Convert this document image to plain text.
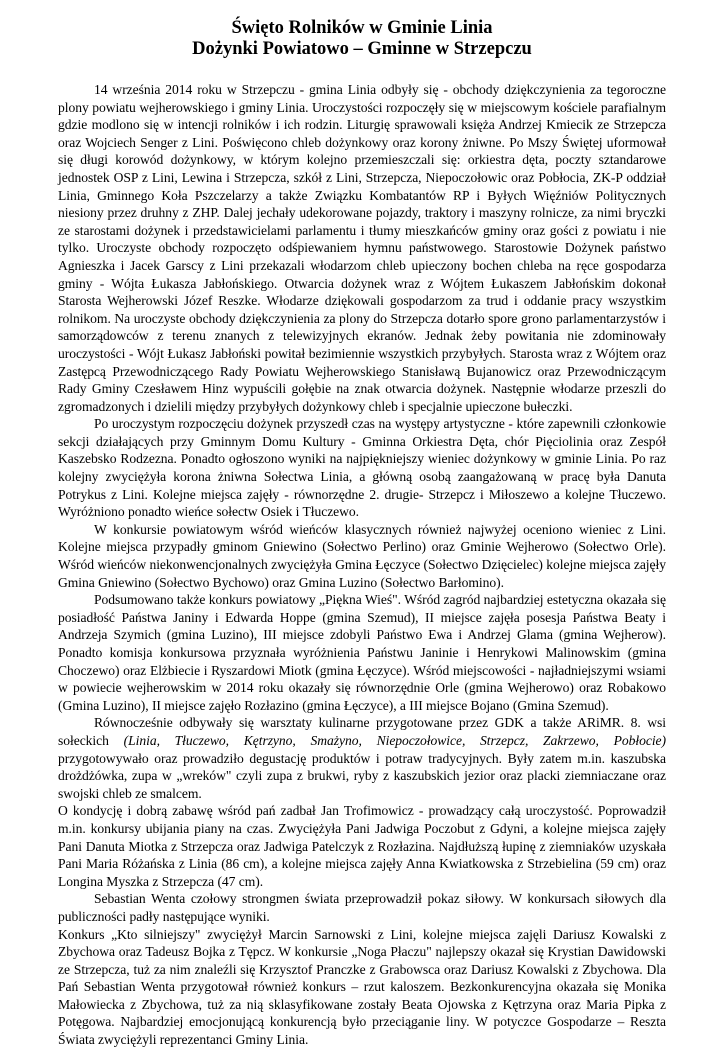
Święto Rolników w Gminie Linia
Dożynki Powiatowo – Gminne w Strzepczu

14 września 2014 roku w Strzepczu - gmina Linia odbyły się - obchody dziękczynienia za tegoroczne plony powiatu wejherowskiego i gminy Linia. Uroczystości rozpoczęły się w miejscowym kościele parafialnym gdzie modlono się w intencji rolników i ich rodzin. Liturgię sprawowali księża Andrzej Kmiecik ze Strzepcza oraz Wojciech Senger z Lini. Poświęcono chleb dożynkowy oraz korony żniwne. Po Mszy Świętej uformował się długi korowód dożynkowy, w którym kolejno przemieszczali się: orkiestra dęta, poczty sztandarowe jednostek OSP z Lini, Lewina i Strzepcza, szkół z Lini, Strzepcza, Niepoczołowic oraz Pobłocia, ZK-P oddział Linia, Gminnego Koła Pszczelarzy a także Związku Kombatantów RP i Byłych Więźniów Politycznych niesiony przez druhny z ZHP. Dalej jechały udekorowane pojazdy, traktory i maszyny rolnicze, za nimi bryczki ze starostami dożynek i przedstawicielami parlamentu i tłumy mieszkańców gminy oraz gości z powiatu i nie tylko. Uroczyste obchody rozpoczęto odśpiewaniem hymnu państwowego. Starostowie Dożynek państwo Agnieszka i Jacek Garscy z Lini przekazali włodarzom chleb upieczony bochen chleba na ręce gospodarza gminy - Wójta Łukasza Jabłońskiego. Otwarcia dożynek wraz z Wójtem Łukaszem Jabłońskim dokonał Starosta Wejherowski Józef Reszke. Włodarze dziękowali gospodarzom za trud i oddanie pracy wszystkim rolnikom. Na uroczyste obchody dziękczynienia za plony do Strzepcza dotarło spore grono parlamentarzystów i samorządowców z terenu znanych z telewizyjnych ekranów. Jednak żeby powitania nie zdominowały uroczystości - Wójt Łukasz Jabłoński powitał bezimiennie wszystkich przybyłych. Starosta wraz z Wójtem oraz Zastępcą Przewodniczącego Rady Powiatu Wejherowskiego Stanisławą Bujanowicz oraz Przewodniczącym Rady Gminy Czesławem Hinz wypuścili gołębie na znak otwarcia dożynek. Następnie włodarze przeszli do zgromadzonych i dzielili między przybyłych dożynkowy chleb i specjalnie upieczone bułeczki.

Po uroczystym rozpoczęciu dożynek przyszedł czas na występy artystyczne - które zapewnili członkowie sekcji działających przy Gminnym Domu Kultury - Gminna Orkiestra Dęta, chór Pięciolinia oraz Zespół Kaszebsko Rodzezna. Ponadto ogłoszono wyniki na najpiękniejszy wieniec dożynkowy w gminie Linia. Po raz kolejny zwyciężyła korona żniwna Sołectwa Linia, a główną osobą zaangażowaną w pracę była Danuta Potrykus z Lini. Kolejne miejsca zajęły - równorzędne 2. drugie- Strzepcz i Miłoszewo a kolejne Tłuczewo. Wyróżniono ponadto wieńce sołectw Osiek i Tłuczewo.

W konkursie powiatowym wśród wieńców klasycznych również najwyżej oceniono wieniec z Lini. Kolejne miejsca przypadły gminom Gniewino (Sołectwo Perlino) oraz Gminie Wejherowo (Sołectwo Orle). Wśród wieńców niekonwencjonalnych zwyciężyła Gmina Łęczyce (Sołectwo Dzięcielec) kolejne miejsca zajęły Gmina Gniewino (Sołectwo Bychowo) oraz Gmina Luzino (Sołectwo Barłomino).

Podsumowano także konkurs powiatowy „Piękna Wieś". Wśród zagród najbardziej estetyczna okazała się posiadłość Państwa Janiny i Edwarda Hoppe (gmina Szemud), II miejsce zajęła posesja Państwa Beaty i Andrzeja Szymich (gmina Luzino), III miejsce zdobyli Państwo Ewa i Andrzej Glama (gmina Wejherow). Ponadto komisja konkursowa przyznała wyróżnienia Państwu Janinie i Henrykowi Malinowskim (gmina Choczewo) oraz Elżbiecie i Ryszardowi Miotk (gmina Łęczyce). Wśród miejscowości - najładniejszymi wsiami w powiecie wejherowskim w 2014 roku okazały się równorzędnie Orle (gmina Wejherowo) oraz Robakowo (Gmina Luzino), II miejsce zajęło Rozłazino (gmina Łęczyce), a III miejsce Bojano (Gmina Szemud).

Równocześnie odbywały się warsztaty kulinarne przygotowane przez GDK a także ARiMR. 8. wsi sołeckich (Linia, Tłuczewo, Kętrzyno, Smażyno, Niepoczołowice, Strzepcz, Zakrzewo, Pobłocie) przygotowywało oraz prowadziło degustację produktów i potraw tradycyjnych. Były zatem m.in. kaszubska drożdżówka, zupa w „wreków" czyli zupa z brukwi, ryby z kaszubskich jezior oraz placki ziemniaczane oraz swojski chleb ze smalcem.

O kondycję i dobrą zabawę wśród pań zadbał Jan Trofimowicz - prowadzący całą uroczystość. Poprowadził m.in. konkursy ubijania piany na czas. Zwyciężyła Pani Jadwiga Poczobut z Gdyni, a kolejne miejsca zajęły Pani Danuta Miotka z Strzepcza oraz Jadwiga Patelczyk z Rozłazina. Najdłuższą łupinę z ziemniaków uzyskała Pani Maria Różańska z Linia (86 cm), a kolejne miejsca zajęły Anna Kwiatkowska z Strzebielina (59 cm) oraz Longina Myszka z Strzepcza (47 cm).

Sebastian Wenta czołowy strongmen świata przeprowadził pokaz siłowy. W konkursach siłowych dla publiczności padły następujące wyniki.

Konkurs „Kto silniejszy" zwyciężył Marcin Sarnowski z Lini, kolejne miejsca zajęli Dariusz Kowalski z Zbychowa oraz Tadeusz Bojka z Tępcz. W konkursie „Noga Płaczu" najlepszy okazał się Krystian Dawidowski ze Strzepcza, tuż za nim znaleźli się Krzysztof Pranczke z Grabowsca oraz Dariusz Kowalski z Zbychowa. Dla Pań Sebastian Wenta przygotował również konkurs – rzut kaloszem. Bezkonkurencyjna okazała się Monika Małowiecka z Zbychowa, tuż za nią sklasyfikowane zostały Beata Ojowska z Kętrzyna oraz Maria Pipka z Potęgowa. Najbardziej emocjonującą konkurencją było przeciąganie liny. W potyczce Gospodarze – Reszta Świata zwyciężyli reprezentanci Gminy Linia.
